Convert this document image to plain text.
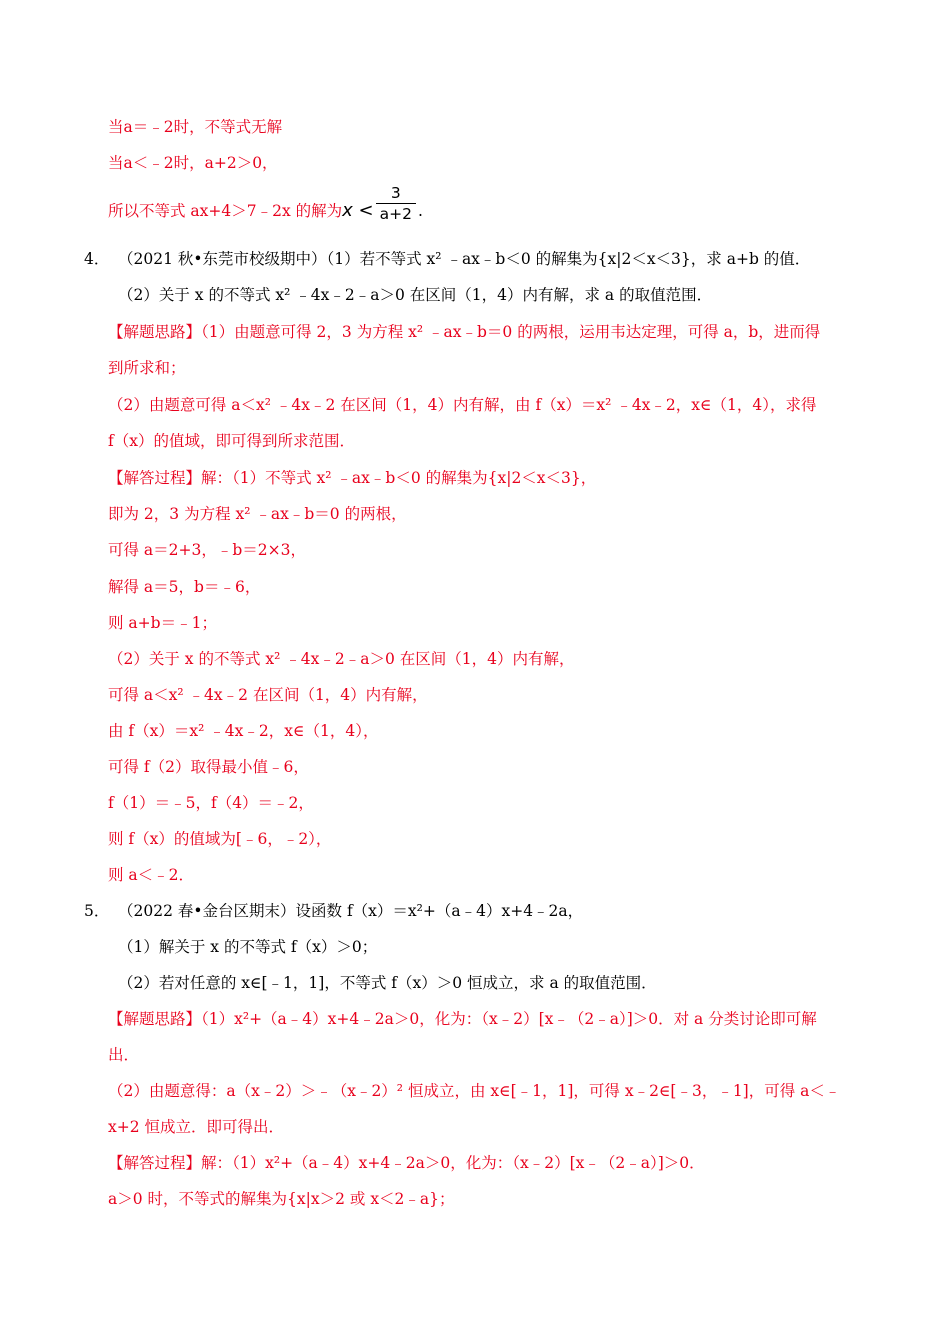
当a＝﹣2时，不等式无解
当a＜﹣2时，a+2＞0，
所以不等式 ax+4＞7﹣2x 的解为$x < \frac{3}{a+2}$ .
4． （2021 秋•东莞市校级期中）（1）若不等式 x² ﹣ax﹣b＜0 的解集为{x|2＜x＜3}，求 a+b 的值．
（2）关于 x 的不等式 x² ﹣4x﹣2﹣a＞0 在区间（1，4）内有解，求 a 的取值范围．
【解题思路】（1）由题意可得 2，3 为方程 x² ﹣ax﹣b＝0 的两根，运用韦达定理，可得 a，b，进而得
到所求和；
（2）由题意可得 a＜x² ﹣4x﹣2 在区间（1，4）内有解，由 f（x）＝x² ﹣4x﹣2，x∈（1，4），求得
f（x）的值域，即可得到所求范围．
【解答过程】解：（1）不等式 x² ﹣ax﹣b＜0 的解集为{x|2＜x＜3}，
即为 2，3 为方程 x² ﹣ax﹣b＝0 的两根，
可得 a＝2+3，﹣b＝2×3，
解得 a＝5，b＝﹣6，
则 a+b＝﹣1；
（2）关于 x 的不等式 x² ﹣4x﹣2﹣a＞0 在区间（1，4）内有解，
可得 a＜x² ﹣4x﹣2 在区间（1，4）内有解，
由 f（x）＝x² ﹣4x﹣2，x∈（1，4），
可得 f（2）取得最小值﹣6，
f（1）＝﹣5，f（4）＝﹣2，
则 f（x）的值域为[﹣6，﹣2），
则 a＜﹣2．
5． （2022 春•金台区期末）设函数 f（x）＝x²+（a﹣4）x+4﹣2a，
（1）解关于 x 的不等式 f（x）＞0；
（2）若对任意的 x∈[﹣1，1]，不等式 f（x）＞0 恒成立，求 a 的取值范围．
【解题思路】（1）x²+（a﹣4）x+4﹣2a＞0，化为：（x﹣2）[x﹣（2﹣a）]＞0．对 a 分类讨论即可解
出．
（2）由题意得：a（x﹣2）＞﹣（x﹣2）² 恒成立，由 x∈[﹣1，1]，可得 x﹣2∈[﹣3，﹣1]，可得 a＜﹣
x+2 恒成立．即可得出．
【解答过程】解：（1）x²+（a﹣4）x+4﹣2a＞0，化为：（x﹣2）[x﹣（2﹣a）]＞0．
a＞0 时，不等式的解集为{x|x＞2 或 x＜2﹣a}；
